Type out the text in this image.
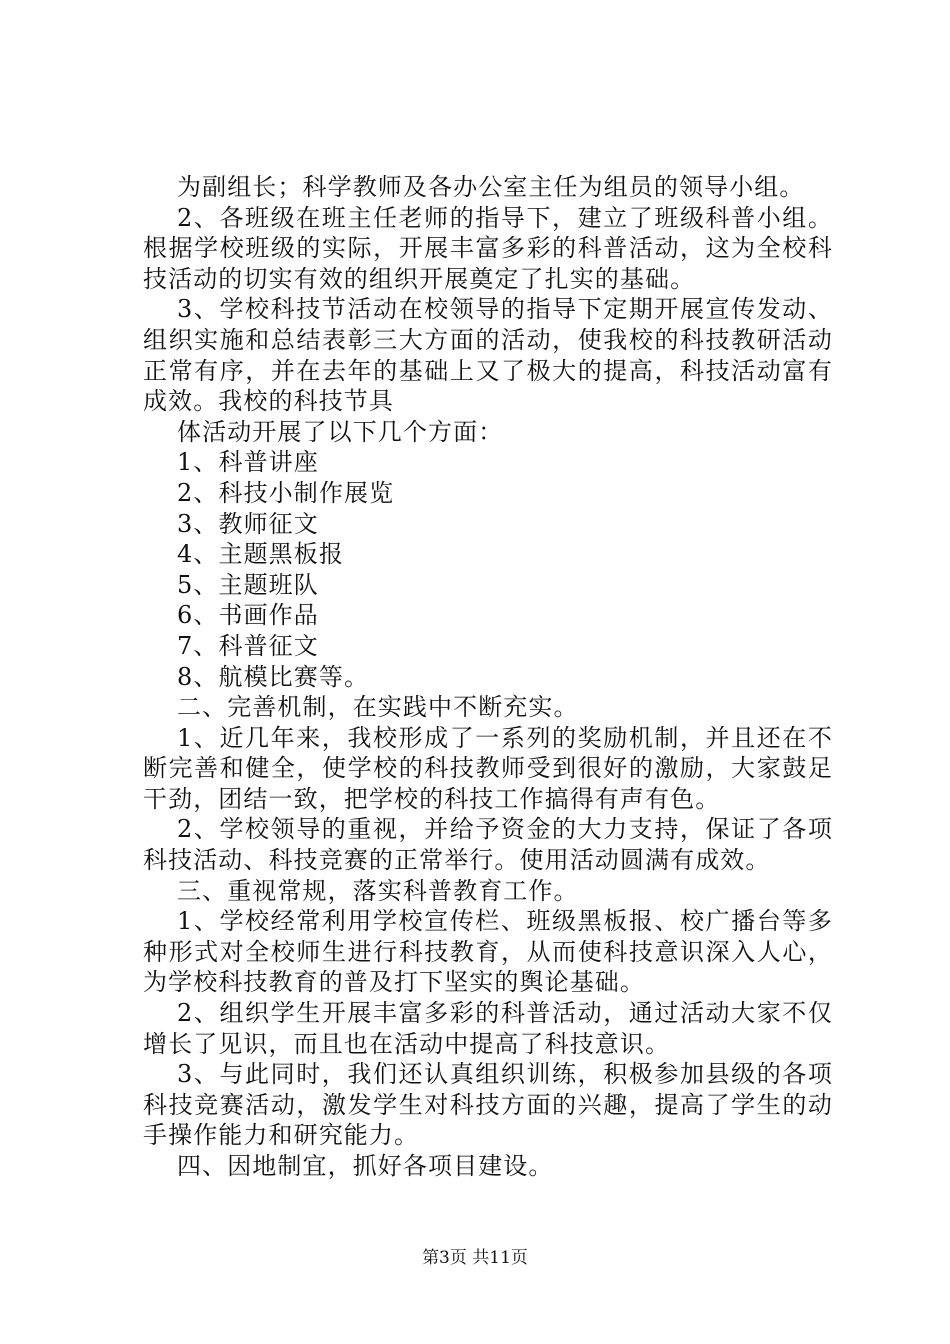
为副组长；科学教师及各办公室主任为组员的领导小组。

2、各班级在班主任老师的指导下，建立了班级科普小组。根据学校班级的实际，开展丰富多彩的科普活动，这为全校科技活动的切实有效的组织开展奠定了扎实的基础。

3、学校科技节活动在校领导的指导下定期开展宣传发动、组织实施和总结表彰三大方面的活动，使我校的科技教研活动正常有序，并在去年的基础上又了极大的提高，科技活动富有成效。我校的科技节具

体活动开展了以下几个方面：

1、科普讲座

2、科技小制作展览

3、教师征文

4、主题黑板报

5、主题班队

6、书画作品

7、科普征文

8、航模比赛等。

二、完善机制，在实践中不断充实。

1、近几年来，我校形成了一系列的奖励机制，并且还在不断完善和健全，使学校的科技教师受到很好的激励，大家鼓足干劲，团结一致，把学校的科技工作搞得有声有色。

2、学校领导的重视，并给予资金的大力支持，保证了各项科技活动、科技竞赛的正常举行。使用活动圆满有成效。

三、重视常规，落实科普教育工作。

1、学校经常利用学校宣传栏、班级黑板报、校广播台等多种形式对全校师生进行科技教育，从而使科技意识深入人心，为学校科技教育的普及打下坚实的舆论基础。

2、组织学生开展丰富多彩的科普活动，通过活动大家不仅增长了见识，而且也在活动中提高了科技意识。

3、与此同时，我们还认真组织训练，积极参加县级的各项科技竞赛活动，激发学生对科技方面的兴趣，提高了学生的动手操作能力和研究能力。

四、因地制宜，抓好各项目建设。

第3页 共11页
